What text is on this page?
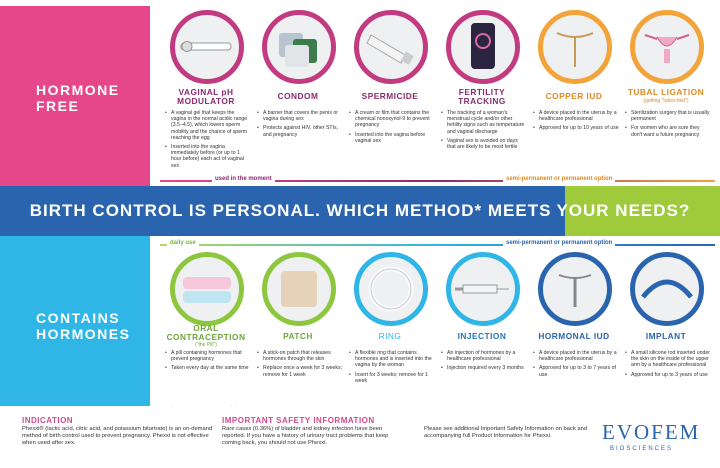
HORMONE
FREE
CONTAINS
HORMONES
used in the moment	semi-permanent or permanent option
BIRTH CONTROL IS PERSONAL. WHICH METHOD* MEETS YOUR NEEDS?
daily use	semi-permanent or permanent option
VAGINAL pH
MODULATOR
• A vaginal gel that keeps the vagina in the normal acidic range (3.5–4.5), which lowers sperm mobility and the chance of sperm reaching the egg
• Inserted into the vagina immediately before (or up to 1 hour before) each act of vaginal sex
CONDOM
• A barrier that covers the penis or vagina during sex
• Protects against HIV, other STIs, and pregnancy
SPERMICIDE
• A cream or film that contains the chemical nonoxynol-9 to prevent pregnancy
• Inserted into the vagina before vaginal sex
FERTILITY
TRACKING
• The tracking of a woman's menstrual cycle and/or other fertility signs such as temperature and vaginal discharge
• Vaginal sex is avoided on days that are likely to be most fertile
COPPER IUD
• A device placed in the uterus by a healthcare professional
• Approved for up to 10 years of use
TUBAL LIGATION
(getting "tubes tied")
• Sterilization surgery that is usually permanent
• For women who are sure they don't want a future pregnancy
ORAL
CONTRACEPTION
("the Pill")
• A pill containing hormones that prevent pregnancy
• Taken every day at the same time
PATCH
• A stick-on patch that releases hormones through the skin
• Replace once a week for 3 weeks; remove for 1 week
RING
• A flexible ring that contains hormones and is inserted into the vagina by the woman
• Insert for 3 weeks; remove for 1 week
INJECTION
• An injection of hormones by a healthcare professional
• Injection required every 3 months
HORMONAL IUD
• A device placed in the uterus by a healthcare professional
• Approved for up to 3 to 7 years of use
IMPLANT
• A small silicone rod inserted under the skin on the inside of the upper arm by a healthcare professional
• Approved for up to 3 years of use
INDICATION
Phexxi® (lactic acid, citric acid, and potassium bitartrate) is an on-demand method of birth control used to prevent pregnancy. Phexxi is not effective when used after sex.
IMPORTANT SAFETY INFORMATION
Rare cases (0.36%) of bladder and kidney infection have been reported. If you have a history of urinary tract problems that keep coming back, you should not use Phexxi.
Please see additional Important Safety Information on back and accompanying full Product Information for Phexxi.	EVOFEM
BIOSCIENCES
